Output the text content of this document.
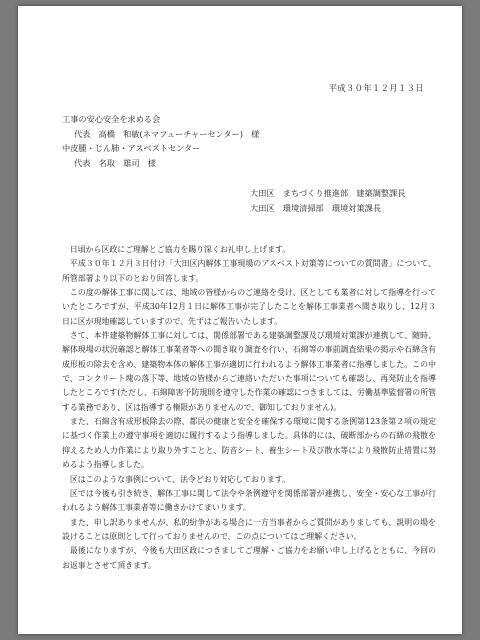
平成３０年１２月１３日
工事の安心安全を求める会
代表　高橋　和敏(ネマフューチャーセンター)　様
中皮腫・じん肺・アスベストセンター
代表　名取　雄司　様
大田区　まちづくり推進部　建築調整課長
大田区　環境清掃部　環境対策課長

日頃から区政にご理解とご協力を賜り深くお礼申し上げます。

平成３０年１２月３日付け「大田区内解体工事現場のアスベスト対策等についての質問書」について、所管部署より以下のとおり回答します。

この度の解体工事に関しては、地域の皆様からのご連絡を受け、区としても業者に対して指導を行っていたところですが、平成30年12月１日に解体工事が完了したことを解体工事業者へ聞き取りし、12月３日に区が現地確認していますので、先ずはご報告いたします。

さて、本件建築物解体工事に対しては、関係部署である建築調整課及び環境対策課が連携して、随時、解体現場の状況確認と解体工事業者等への聞き取り調査を行い、石綿等の事前調査結果の掲示や石綿含有成形板の除去を含め、建築物本体の解体工事が適切に行われるよう解体工事業者に指導しました。この中で、コンクリート塊の落下等、地域の皆様からご連絡いただいた事項についても確認し、再発防止を指導したところです(ただし、石綿障害予防規則を遵守した作業の確認につきましては、労働基準監督署の所管する業務であり、区は指導する権限がありませんので、御知しておりません)。

また、石綿含有成形板除去の際、都民の健康と安全を確保する環境に関する条例第123条第２項の規定に基づく作業上の遵守事項を適切に履行するよう指導しました。具体的には、破断部からの石綿の飛散を抑えるため人力作業により取り外すことと、防音シート、養生シート及び散水等により飛散防止措置に努めるよう指導しました。

区はこのような事例について、法令どおり対応しております。

区では今後も引き続き、解体工事に関して法令や条例遵守を関係部署が連携し、安全・安心な工事が行われるよう解体工事業者等に働きかけてまいります。

また、申し訳ありませんが、私的紛争がある場合に一方当事者からご質問がありましても、説明の場を設けることは原則として行っておりませんので、この点についてはご理解ください。

最後になりますが、今後も大田区政につきましてご理解・ご協力をお願い申し上げるとともに、今回のお返事とさせて頂きます。
